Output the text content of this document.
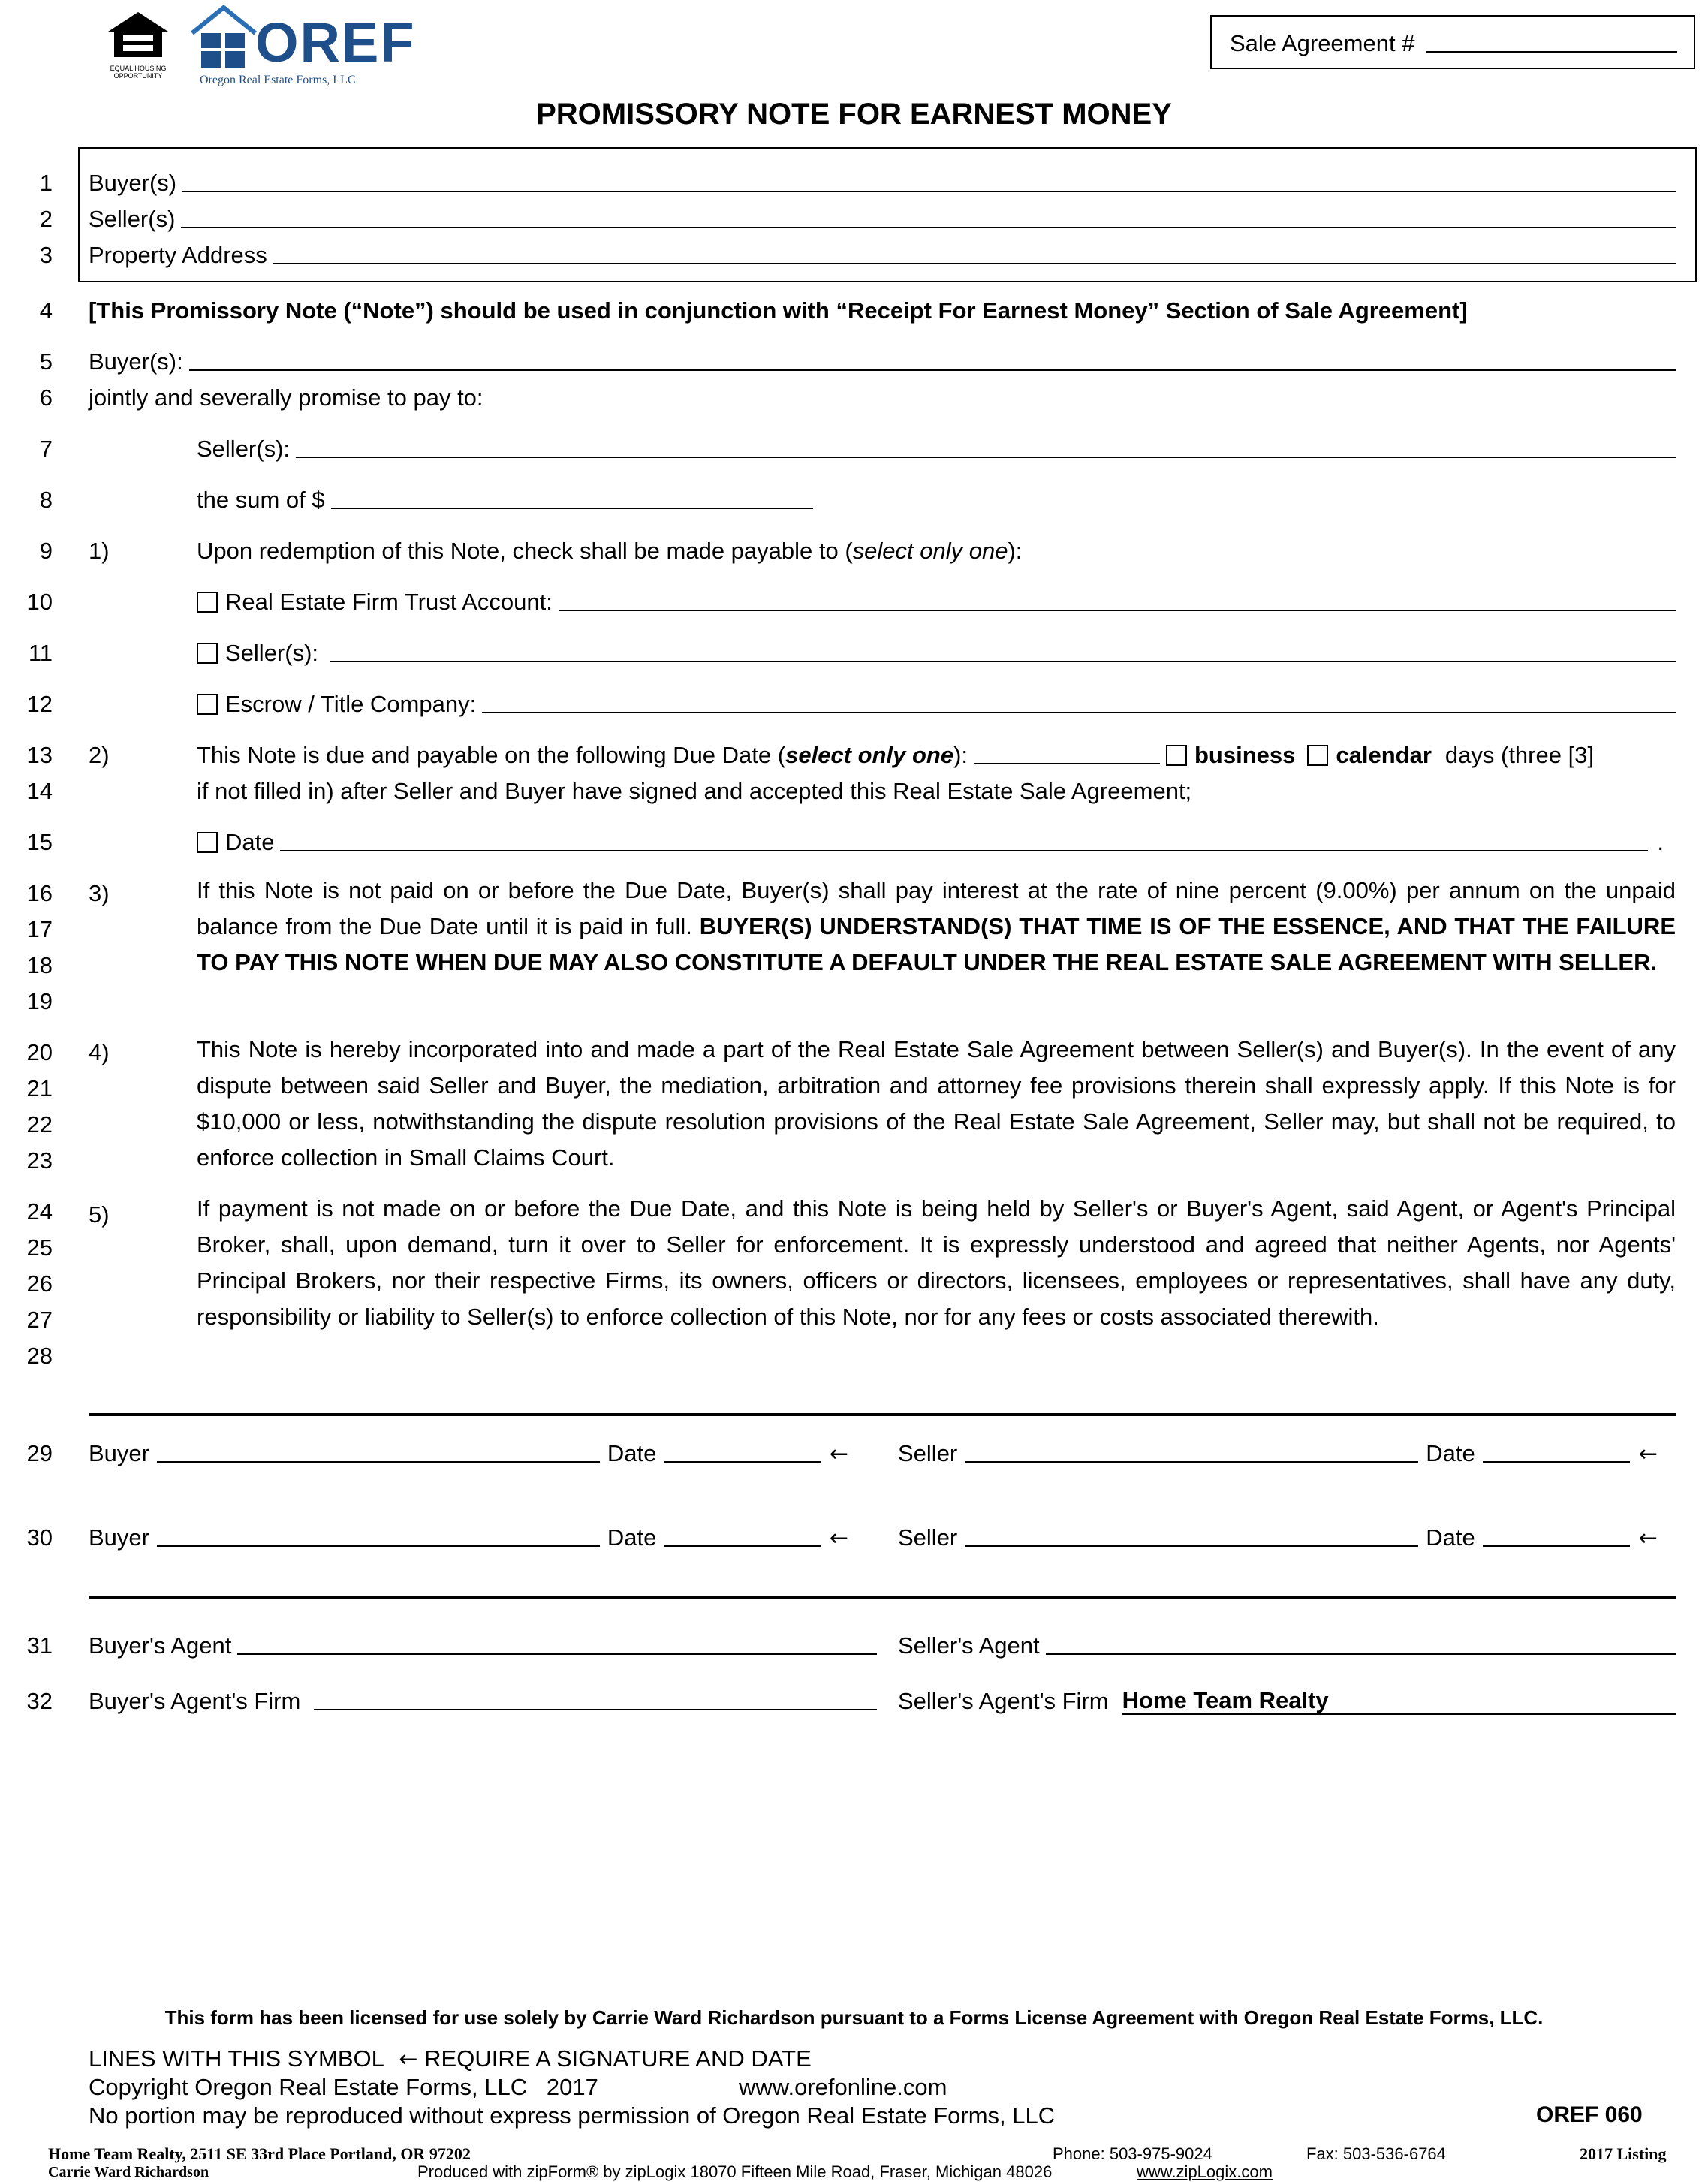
EQUAL HOUSING OPPORTUNITY
OREF
Oregon Real Estate Forms, LLC
Sale Agreement #
PROMISSORY NOTE FOR EARNEST MONEY
1 Buyer(s)
2 Seller(s)
3 Property Address
4 [This Promissory Note (“Note”) should be used in conjunction with “Receipt For Earnest Money” Section of Sale Agreement]
5 Buyer(s):
6 jointly and severally promise to pay to:
7	Seller(s):
8	the sum of $
9 1)	Upon redemption of this Note, check shall be made payable to (select only one):
10	Real Estate Firm Trust Account:
11	Seller(s):
12	Escrow / Title Company:
13 2)	This Note is due and payable on the following Due Date ( select only one ):	business calendar days (three [3]
14	if not filled in) after Seller and Buyer have signed and accepted this Real Estate Sale Agreement;
15	Date	.
16
17
18
19
3)	If this Note is not paid on or before the Due Date, Buyer(s) shall pay interest at the rate of nine percent (9.00%) per annum on the unpaid balance from the Due Date until it is paid in full. BUYER(S) UNDERSTAND(S) THAT TIME IS OF THE ESSENCE, AND THAT THE FAILURE TO PAY THIS NOTE WHEN DUE MAY ALSO CONSTITUTE A DEFAULT UNDER THE REAL ESTATE SALE AGREEMENT WITH SELLER.
20
21
22
23
4)	This Note is hereby incorporated into and made a part of the Real Estate Sale Agreement between Seller(s) and Buyer(s). In the event of any dispute between said Seller and Buyer, the mediation, arbitration and attorney fee provisions therein shall expressly apply. If this Note is for $10,000 or less, notwithstanding the dispute resolution provisions of the Real Estate Sale Agreement, Seller may, but shall not be required, to enforce collection in Small Claims Court.
24
25
26
27
28
5)	If payment is not made on or before the Due Date, and this Note is being held by Seller's or Buyer's Agent, said Agent, or Agent's Principal Broker, shall, upon demand, turn it over to Seller for enforcement. It is expressly understood and agreed that neither Agents, nor Agents' Principal Brokers, nor their respective Firms, its owners, officers or directors, licensees, employees or representatives, shall have any duty, responsibility or liability to Seller(s) to enforce collection of this Note, nor for any fees or costs associated therewith.
29 Buyer	Date	← Seller	Date	←
30 Buyer	Date	← Seller	Date	←
31 Buyer's Agent	Seller's Agent
32 Buyer's Agent's Firm	Seller's Agent's Firm Home Team Realty
This form has been licensed for use solely by Carrie Ward Richardson pursuant to a Forms License Agreement with Oregon Real Estate Forms, LLC.
LINES WITH THIS SYMBOL ← REQUIRE A SIGNATURE AND DATE
Copyright Oregon Real Estate Forms, LLC   2017	www.orefonline.com
No portion may be reproduced without express permission of Oregon Real Estate Forms, LLC	OREF 060
Home Team Realty, 2511 SE 33rd Place Portland, OR 97202	Phone: 503-975-9024	Fax: 503-536-6764	2017 Listing
Carrie Ward Richardson	Produced with zipForm® by zipLogix 18070 Fifteen Mile Road, Fraser, Michigan 48026	www.zipLogix.com
